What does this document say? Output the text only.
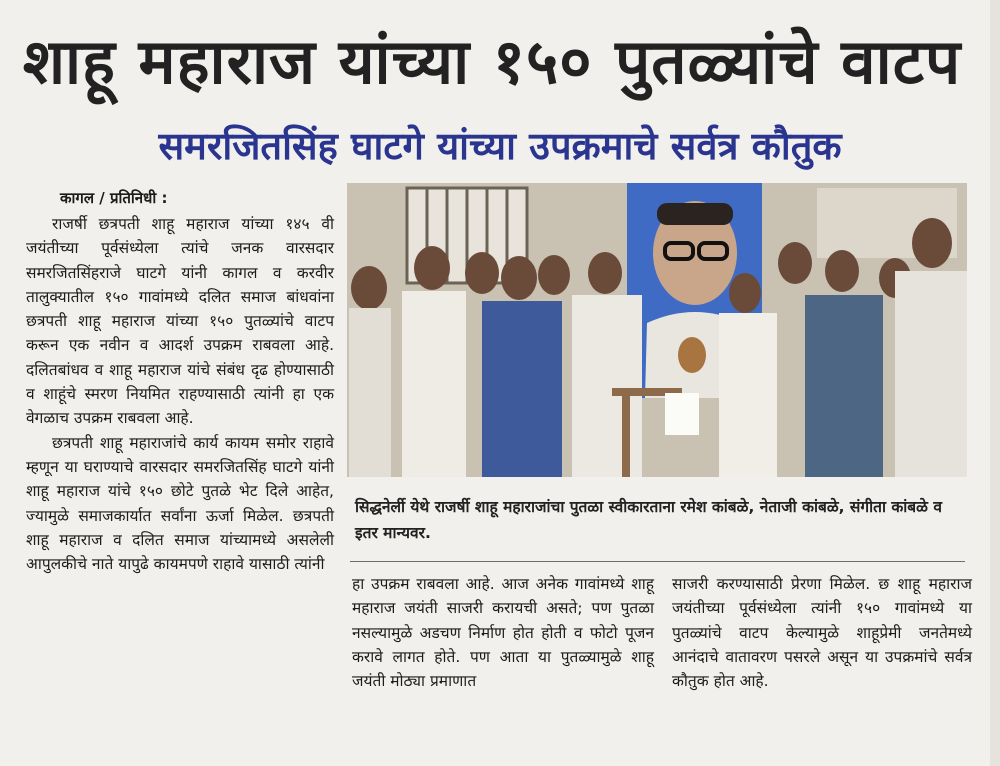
शाहू महाराज यांच्या १५० पुतळ्यांचे वाटप
समरजितसिंह घाटगे यांच्या उपक्रमाचे सर्वत्र कौतुक
कागल / प्रतिनिधी :

राजर्षी छत्रपती शाहू महाराज यांच्या १४५ वी जयंतीच्या पूर्वसंध्येला त्यांचे जनक वारसदार समरजितसिंहराजे घाटगे यांनी कागल व करवीर तालुक्यातील १५० गावांमध्ये दलित समाज बांधवांना छत्रपती शाहू महाराज यांच्या १५० पुतळ्यांचे वाटप करून एक नवीन व आदर्श उपक्रम राबवला आहे. दलितबांधव व शाहू महाराज यांचे संबंध दृढ होण्यासाठी व शाहूंचे स्मरण नियमित राहण्यासाठी त्यांनी हा एक वेगळाच उपक्रम राबवला आहे.

छत्रपती शाहू महाराजांचे कार्य कायम समोर राहावे म्हणून या घराण्याचे वारसदार समरजितसिंह घाटगे यांनी शाहू महाराज यांचे १५० छोटे पुतळे भेट दिले आहेत, ज्यामुळे समाजकार्यात सर्वांना ऊर्जा मिळेल. छत्रपती शाहू महाराज व दलित समाज यांच्यामध्ये असलेली आपुलकीचे नाते यापुढे कायमपणे राहावे यासाठी त्यांनी

सिद्धनेर्ली येथे राजर्षी शाहू महाराजांचा पुतळा स्वीकारताना रमेश कांबळे, नेताजी कांबळे, संगीता कांबळे व इतर मान्यवर.

हा उपक्रम राबवला आहे. आज अनेक गावांमध्ये शाहू महाराज जयंती साजरी करायची असते; पण पुतळा नसल्यामुळे अडचण निर्माण होत होती व फोटो पूजन करावे लागत होते. पण आता या पुतळ्यामुळे शाहू जयंती मोठ्या प्रमाणात

साजरी करण्यासाठी प्रेरणा मिळेल. छ शाहू महाराज जयंतीच्या पूर्वसंध्येला त्यांनी १५० गावांमध्ये या पुतळ्यांचे वाटप केल्यामुळे शाहूप्रेमी जनतेमध्ये आनंदाचे वातावरण पसरले असून या उपक्रमांचे सर्वत्र कौतुक होत आहे.
